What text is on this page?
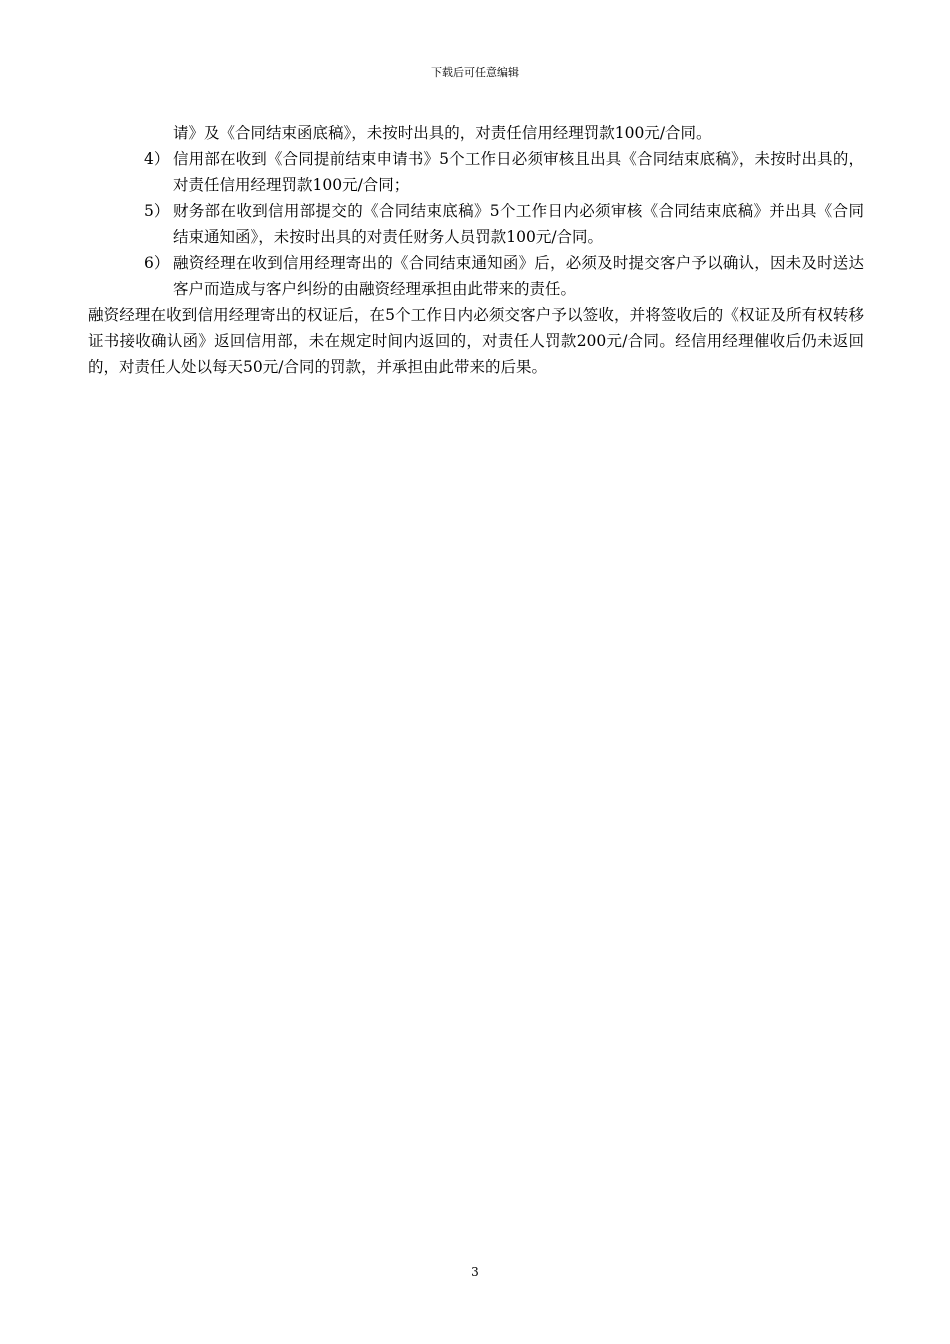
下载后可任意编辑
请》及《合同结束函底稿》，未按时出具的，对责任信用经理罚款100元/合同。
4） 信用部在收到《合同提前结束申请书》5个工作日必须审核且出具《合同结束底稿》，未按时出具的，对责任信用经理罚款100元/合同；
5） 财务部在收到信用部提交的《合同结束底稿》5个工作日内必须审核《合同结束底稿》并出具《合同结束通知函》，未按时出具的对责任财务人员罚款100元/合同。
6） 融资经理在收到信用经理寄出的《合同结束通知函》后，必须及时提交客户予以确认，因未及时送达客户而造成与客户纠纷的由融资经理承担由此带来的责任。
融资经理在收到信用经理寄出的权证后，在5个工作日内必须交客户予以签收，并将签收后的《权证及所有权转移证书接收确认函》返回信用部，未在规定时间内返回的，对责任人罚款200元/合同。经信用经理催收后仍未返回的，对责任人处以每天50元/合同的罚款，并承担由此带来的后果。
3
